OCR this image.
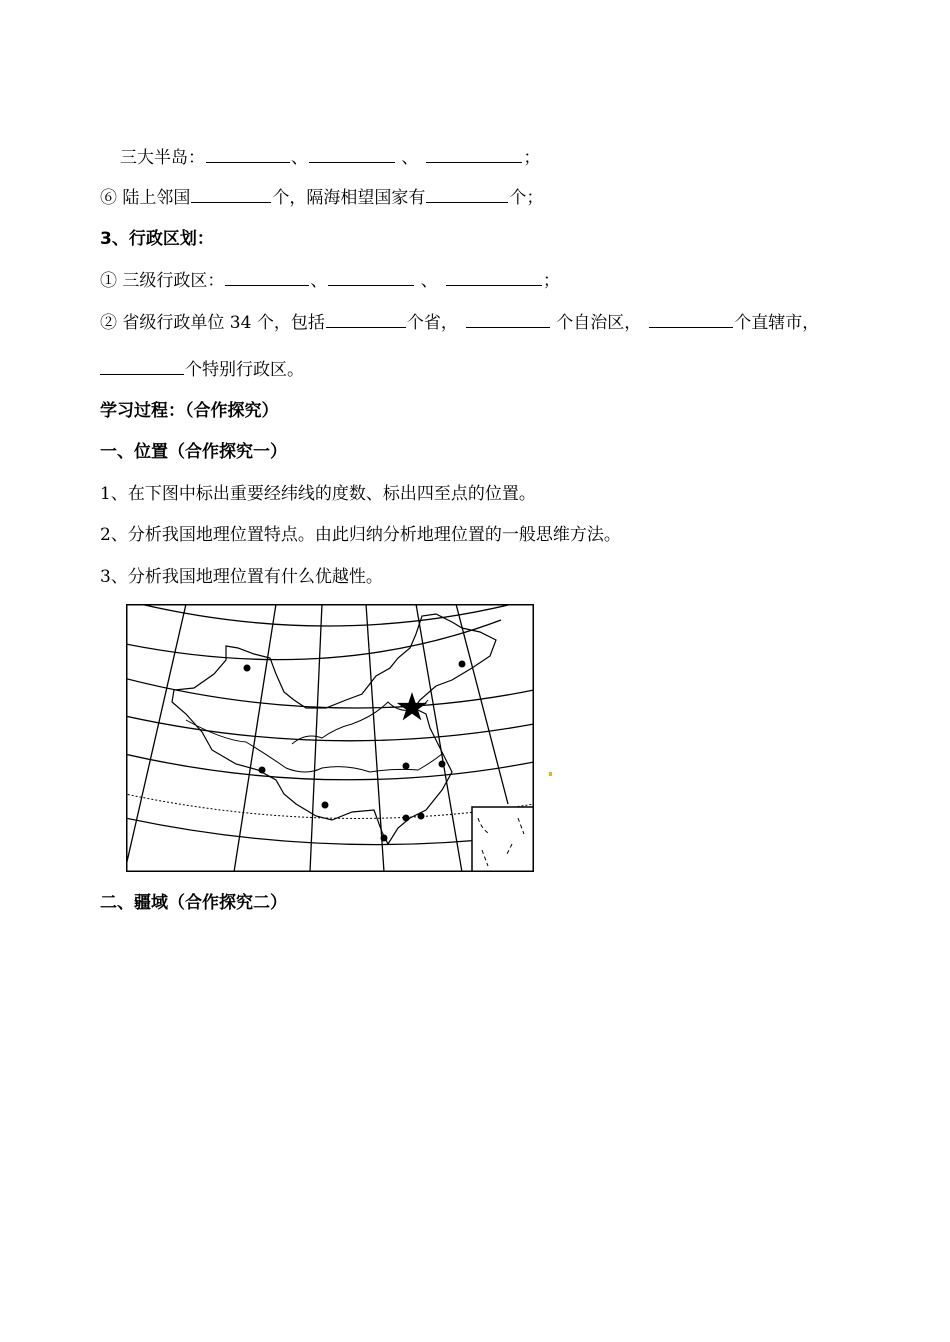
三大半岛：	、	、	；
⑥ 陆上邻国	个，隔海相望国家有	个；
3、行政区划：
① 三级行政区：	、	、	；
② 省级行政单位 34 个，包括	个省，	个自治区，	个直辖市，
个特别行政区。
学习过程：（合作探究）
一、位置（合作探究一）
1、在下图中标出重要经纬线的度数、标出四至点的位置。
2、分析我国地理位置特点。由此归纳分析地理位置的一般思维方法。
3、分析我国地理位置有什么优越性。
二、疆域（合作探究二）
